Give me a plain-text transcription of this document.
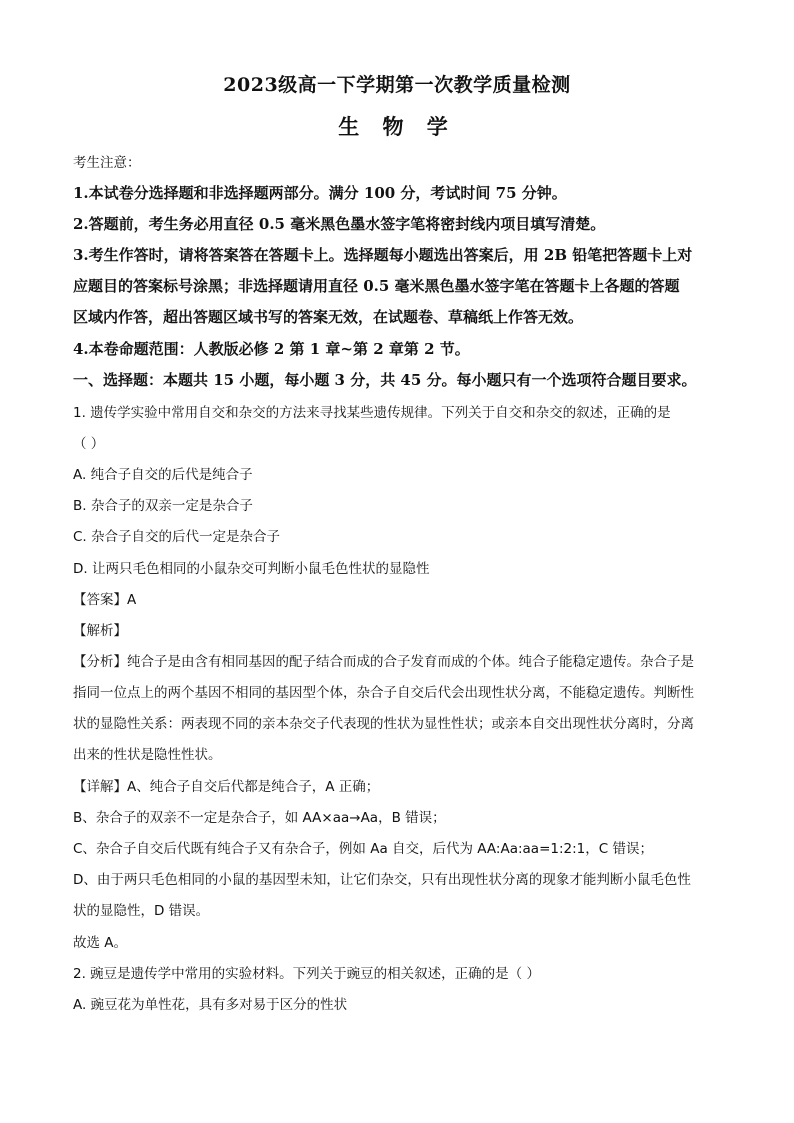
2023级高一下学期第一次教学质量检测
生 物 学
考生注意：
1.本试卷分选择题和非选择题两部分。满分 100 分，考试时间 75 分钟。
2.答题前，考生务必用直径 0.5 毫米黑色墨水签字笔将密封线内项目填写清楚。
3.考生作答时，请将答案答在答题卡上。选择题每小题选出答案后，用 2B 铅笔把答题卡上对
应题目的答案标号涂黑；非选择题请用直径 0.5 毫米黑色墨水签字笔在答题卡上各题的答题
区域内作答，超出答题区域书写的答案无效，在试题卷、草稿纸上作答无效。
4.本卷命题范围：人教版必修 2 第 1 章~第 2 章第 2 节。
一、选择题：本题共 15 小题，每小题 3 分，共 45 分。每小题只有一个选项符合题目要求。
1. 遗传学实验中常用自交和杂交的方法来寻找某些遗传规律。下列关于自交和杂交的叙述，正确的是
（ ）
A. 纯合子自交的后代是纯合子
B. 杂合子的双亲一定是杂合子
C. 杂合子自交的后代一定是杂合子
D. 让两只毛色相同的小鼠杂交可判断小鼠毛色性状的显隐性
【答案】A
【解析】
【分析】纯合子是由含有相同基因的配子结合而成的合子发育而成的个体。纯合子能稳定遗传。杂合子是
指同一位点上的两个基因不相同的基因型个体，杂合子自交后代会出现性状分离，不能稳定遗传。判断性
状的显隐性关系：两表现不同的亲本杂交子代表现的性状为显性性状；或亲本自交出现性状分离时，分离
出来的性状是隐性性状。
【详解】A、纯合子自交后代都是纯合子，A 正确；
B、杂合子的双亲不一定是杂合子，如 AA×aa→Aa，B 错误；
C、杂合子自交后代既有纯合子又有杂合子，例如 Aa 自交，后代为 AA:Aa:aa=1:2:1，C 错误；
D、由于两只毛色相同的小鼠的基因型未知，让它们杂交，只有出现性状分离的现象才能判断小鼠毛色性
状的显隐性，D 错误。
故选 A。
2. 豌豆是遗传学中常用的实验材料。下列关于豌豆的相关叙述，正确的是（ ）
A. 豌豆花为单性花，具有多对易于区分的性状
